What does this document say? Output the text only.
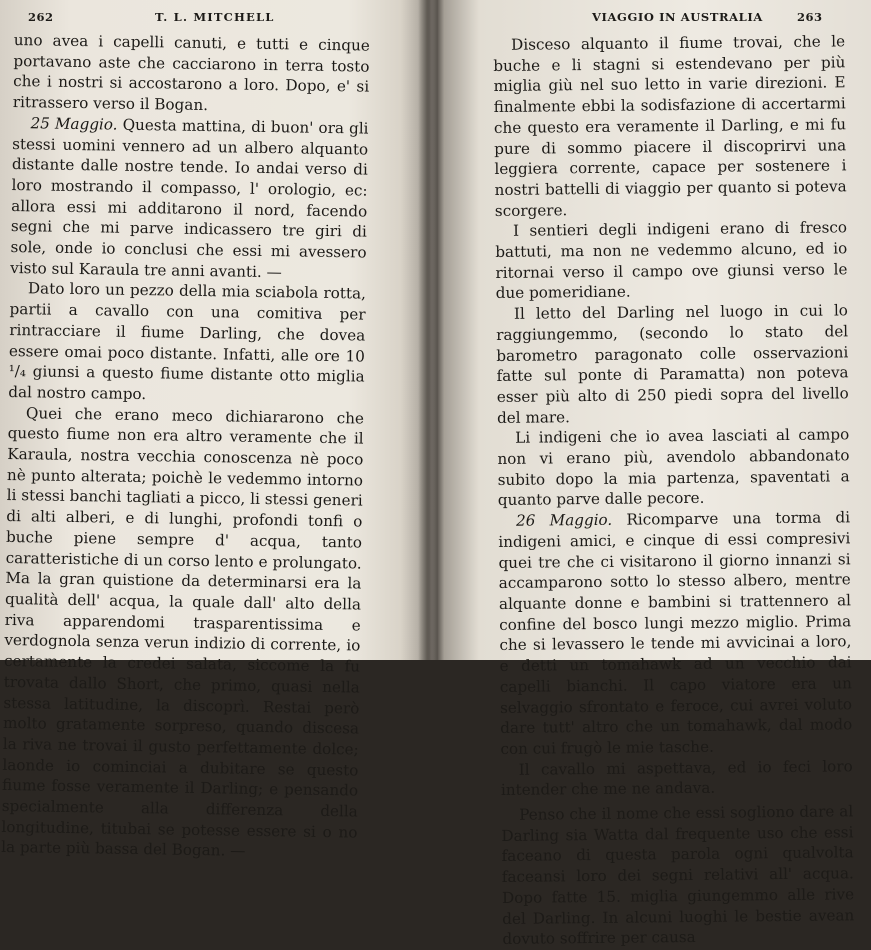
262	T. L. MITCHELL

uno avea i capelli canuti, e tutti e cinque portavano aste che cacciarono in terra tosto che i nostri si accostarono a loro. Dopo, e' si ritrassero verso il Bogan.

25 Maggio. Questa mattina, di buon' ora gli stessi uomini vennero ad un albero alquanto distante dalle nostre tende. Io andai verso di loro mostrando il compasso, l' orologio, ec: allora essi mi additarono il nord, facendo segni che mi parve indicassero tre giri di sole, onde io conclusi che essi mi avessero visto sul Karaula tre anni avanti. —

Dato loro un pezzo della mia sciabola rotta, partii a cavallo con una comitiva per rintracciare il fiume Darling, che dovea essere omai poco distante. Infatti, alle ore 10 ¹/₄ giunsi a questo fiume distante otto miglia dal nostro campo.

Quei che erano meco dichiararono che questo fiume non era altro veramente che il Karaula, nostra vecchia conoscenza nè poco nè punto alterata; poichè le vedemmo intorno li stessi banchi tagliati a picco, li stessi generi di alti alberi, e di lunghi, profondi tonfi o buche piene sempre d' acqua, tanto caratteristiche di un corso lento e prolungato. Ma la gran quistione da determinarsi era la qualità dell' acqua, la quale dall' alto della riva apparendomi trasparentissima e verdognola senza verun indizio di corrente, io certamente la credei salata, siccome la fu trovata dallo Short, che primo, quasi nella stessa latitudine, la discoprì. Restai però molto gratamente sorpreso, quando discesa la riva ne trovai il gusto perfettamente dolce; laonde io cominciai a dubitare se questo fiume fosse veramente il Darling; e pensando specialmente alla differenza della longitudine, titubai se potesse essere si o no la parte più bassa del Bogan. —

VIAGGIO IN AUSTRALIA	263

Disceso alquanto il fiume trovai, che le buche e li stagni si estendevano per più miglia giù nel suo letto in varie direzioni. E finalmente ebbi la sodisfazione di accertarmi che questo era veramente il Darling, e mi fu pure di sommo piacere il discoprirvi una leggiera corrente, capace per sostenere i nostri battelli di viaggio per quanto si poteva scorgere.

I sentieri degli indigeni erano di fresco battuti, ma non ne vedemmo alcuno, ed io ritornai verso il campo ove giunsi verso le due pomeridiane.

Il letto del Darling nel luogo in cui lo raggiungemmo, (secondo lo stato del barometro paragonato colle osservazioni fatte sul ponte di Paramatta) non poteva esser più alto di 250 piedi sopra del livello del mare.

Li indigeni che io avea lasciati al campo non vi erano più, avendolo abbandonato subito dopo la mia partenza, spaventati a quanto parve dalle pecore.

26 Maggio. Ricomparve una torma di indigeni amici, e cinque di essi compresivi quei tre che ci visitarono il giorno innanzi si accamparono sotto lo stesso albero, mentre alquante donne e bambini si trattennero al confine del bosco lungi mezzo miglio. Prima che si levassero le tende mi avvicinai a loro, e detti un tomahawk ad un vecchio dai capelli bianchi. Il capo viatore era un selvaggio sfrontato e feroce, cui avrei voluto dare tutt' altro che un tomahawk, dal modo con cui frugò le mie tasche.

Il cavallo mi aspettava, ed io feci loro intender che me ne andava.

Penso che il nome che essi sogliono dare al Darling sia Watta dal frequente uso che essi faceano di questa parola ogni qualvolta faceansi loro dei segni relativi all' acqua. Dopo fatte 15. miglia giungemmo alle rive del Darling. In alcuni luoghi le bestie avean dovuto soffrire per causa
